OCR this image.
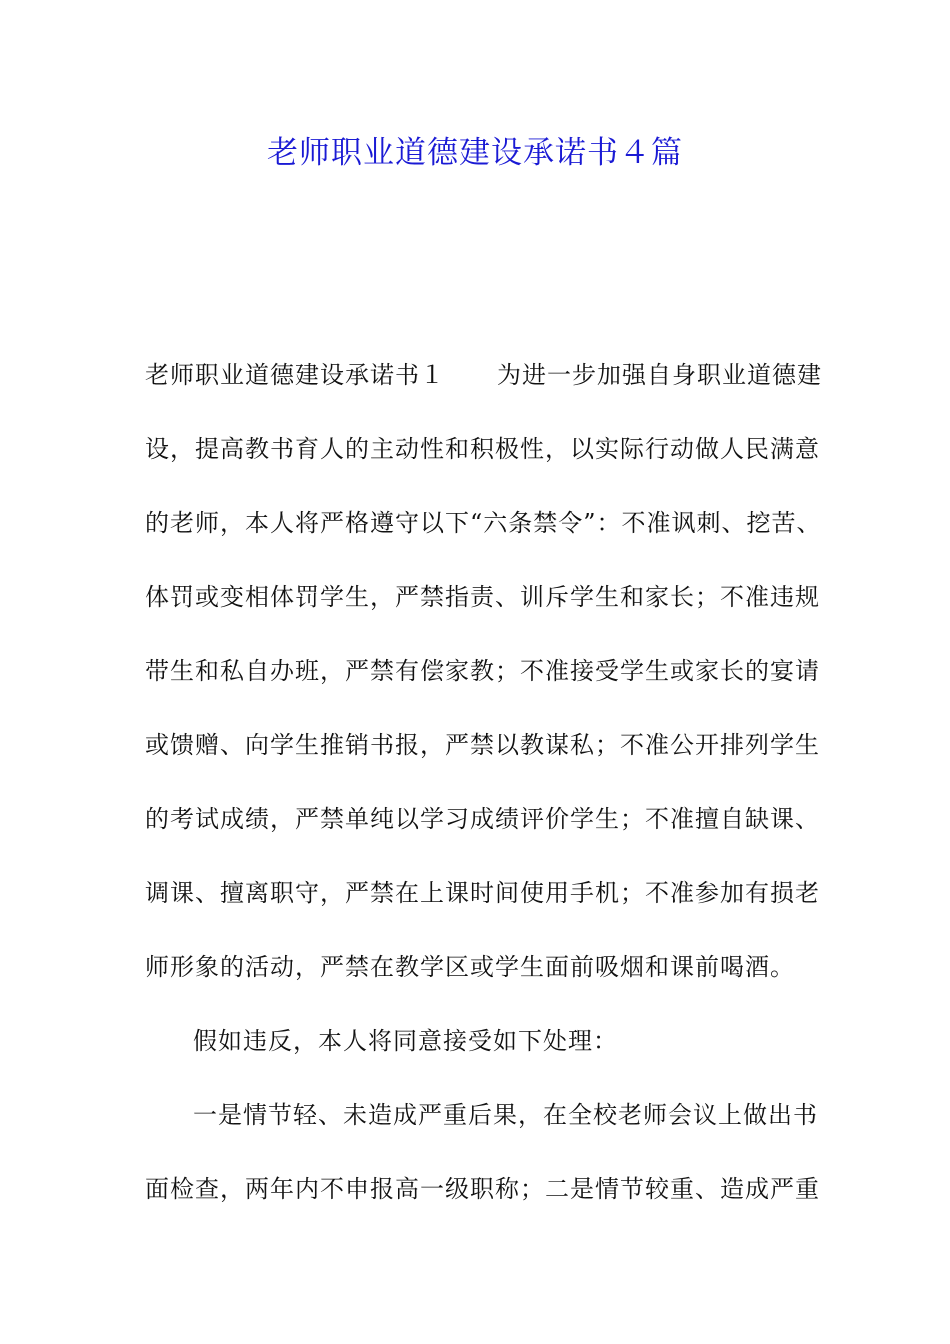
老师职业道德建设承诺书４篇
老师职业道德建设承诺书１ 为进一步加强自身职业道德建
设，提高教书育人的主动性和积极性，以实际行动做人民满意
的老师，本人将严格遵守以下“六条禁令”：不准讽刺、挖苦、
体罚或变相体罚学生，严禁指责、训斥学生和家长；不准违规
带生和私自办班，严禁有偿家教；不准接受学生或家长的宴请
或馈赠、向学生推销书报，严禁以教谋私；不准公开排列学生
的考试成绩，严禁单纯以学习成绩评价学生；不准擅自缺课、
调课、擅离职守，严禁在上课时间使用手机；不准参加有损老
师形象的活动，严禁在教学区或学生面前吸烟和课前喝酒。
假如违反，本人将同意接受如下处理：
一是情节轻、未造成严重后果，在全校老师会议上做出书
面检查，两年内不申报高一级职称；二是情节较重、造成严重
